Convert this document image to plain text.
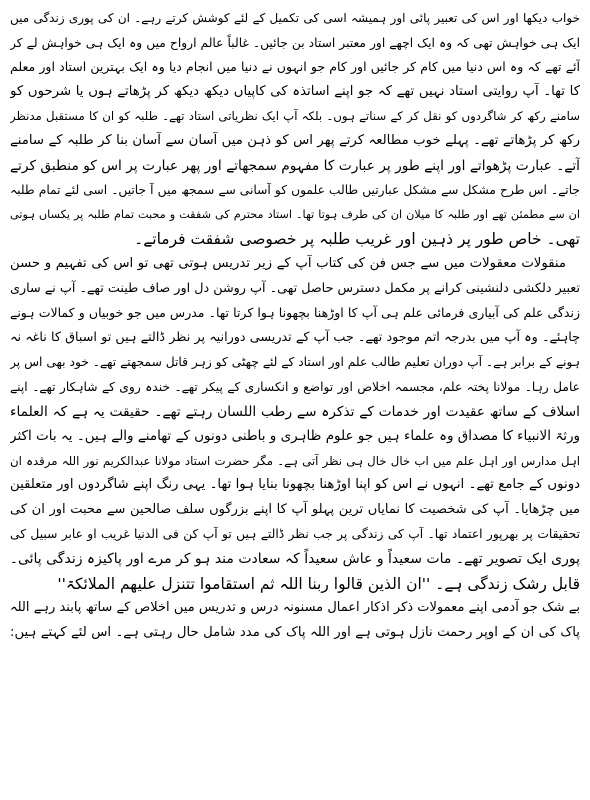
خواب دیکھا اور اس کی تعبیر پائی اور ہمیشہ اسی کی تکمیل کے لئے کوشش کرتے رہے۔ ان کی پوری زندگی میں
ایک ہی خواہش تھی کہ وہ ایک اچھے اور معتبر استاد بن جائیں۔ غالباً عالم ارواح میں وہ ایک ہی خواہش لے کر
آئے تھے کہ وہ اس دنیا میں کام کر جائیں اور کام جو انہوں نے دنیا میں انجام دیا وہ ایک بہترین استاد اور معلم
کا تھا۔ آپ روایتی استاد نہیں تھے کہ جو اپنے اساتذہ کی کاپیاں دیکھ دیکھ کر پڑھاتے ہوں یا شرحوں کو
سامنے رکھ کر شاگردوں کو نقل کر کے سناتے ہوں۔ بلکہ آپ ایک نظریاتی استاد تھے۔ طلبہ کو ان کا مستقبل مدنظر
رکھ کر پڑھاتے تھے۔ پہلے خوب مطالعہ کرتے پھر اس کو ذہن میں آسان سے آسان بنا کر طلبہ کے سامنے
آتے۔ عبارت پڑھواتے اور اپنے طور پر عبارت کا مفہوم سمجھاتے اور پھر عبارت پر اس کو منطبق کرتے
جاتے۔ اس طرح مشکل سے مشکل عبارتیں طالب علموں کو آسانی سے سمجھ میں آ جاتیں۔ اسی لئے تمام طلبہ
ان سے مطمئن تھے اور طلبہ کا میلان ان کی طرف ہوتا تھا۔ استاد محترم کی شفقت و محبت تمام طلبہ پر یکساں ہوتی
تھی۔ خاص طور پر ذہین اور غریب طلبہ پر خصوصی شفقت فرماتے۔
منقولات معقولات میں سے جس فن کی کتاب آپ کے زیر تدریس ہوتی تھی تو اس کی تفہیم و حسن
تعبیر دلکشی دلنشینی کرانے پر مکمل دسترس حاصل تھی۔ آپ روشن دل اور صاف طینت تھے۔ آپ نے ساری
زندگی علم کی آبیاری فرمائی علم ہی آپ کا اوڑھنا بچھونا ہوا کرتا تھا۔ مدرس میں جو خوبیاں و کمالات ہونے
چاہئے۔ وہ آپ میں بدرجہ اتم موجود تھے۔ جب آپ کے تدریسی دورانیہ پر نظر ڈالتے ہیں تو اسباق کا ناغہ نہ
ہونے کے برابر ہے۔ آپ دوران تعلیم طالب علم اور استاد کے لئے چھٹی کو زہر قاتل سمجھتے تھے۔ خود بھی اس پر
عامل رہا۔ مولانا پختہ علم، مجسمہ اخلاص اور تواضع و انکساری کے پیکر تھے۔ خندہ روی کے شاہکار تھے۔ اپنے
اسلاف کے ساتھ عقیدت اور خدمات کے تذکرہ سے رطب اللسان رہتے تھے۔ حقیقت یہ ہے کہ العلماء
ورثۃ الانبیاء کا مصداق وہ علماء ہیں جو علوم ظاہری و باطنی دونوں کے تھامنے والے ہیں۔ یہ بات اکثر
اہل مدارس اور اہل علم میں اب خال خال ہی نظر آتی ہے۔ مگر حضرت استاد مولانا عبدالکریم نور اللہ مرقدہ ان
دونوں کے جامع تھے۔ انہوں نے اس کو اپنا اوڑھنا بچھونا بنایا ہوا تھا۔ یہی رنگ اپنے شاگردوں اور متعلقین
میں چڑھایا۔ آپ کی شخصیت کا نمایاں ترین پہلو آپ کا اپنے بزرگوں سلف صالحین سے محبت اور ان کی
تحقیقات پر بھرپور اعتماد تھا۔ آپ کی زندگی پر جب نظر ڈالتے ہیں تو آپ کن فی الدنیا غریب او عابر سبیل کی
پوری ایک تصویر تھے۔ مات سعیداً و عاش سعیداً کہ سعادت مند ہو کر مرے اور پاکیزہ زندگی پائی۔
قابل رشک زندگی ہے۔ ''ان الذین قالوا ربنا اللہ ثم استقاموا تتنزل علیھم الملائکۃ''
بے شک جو آدمی اپنے معمولات ذکر اذکار اعمال مسنونہ درس و تدریس میں اخلاص کے ساتھ پابند رہے اللہ
پاک کی ان کے اوپر رحمت نازل ہوتی ہے اور اللہ پاک کی مدد شامل حال رہتی ہے۔ اس لئے کہتے ہیں:
